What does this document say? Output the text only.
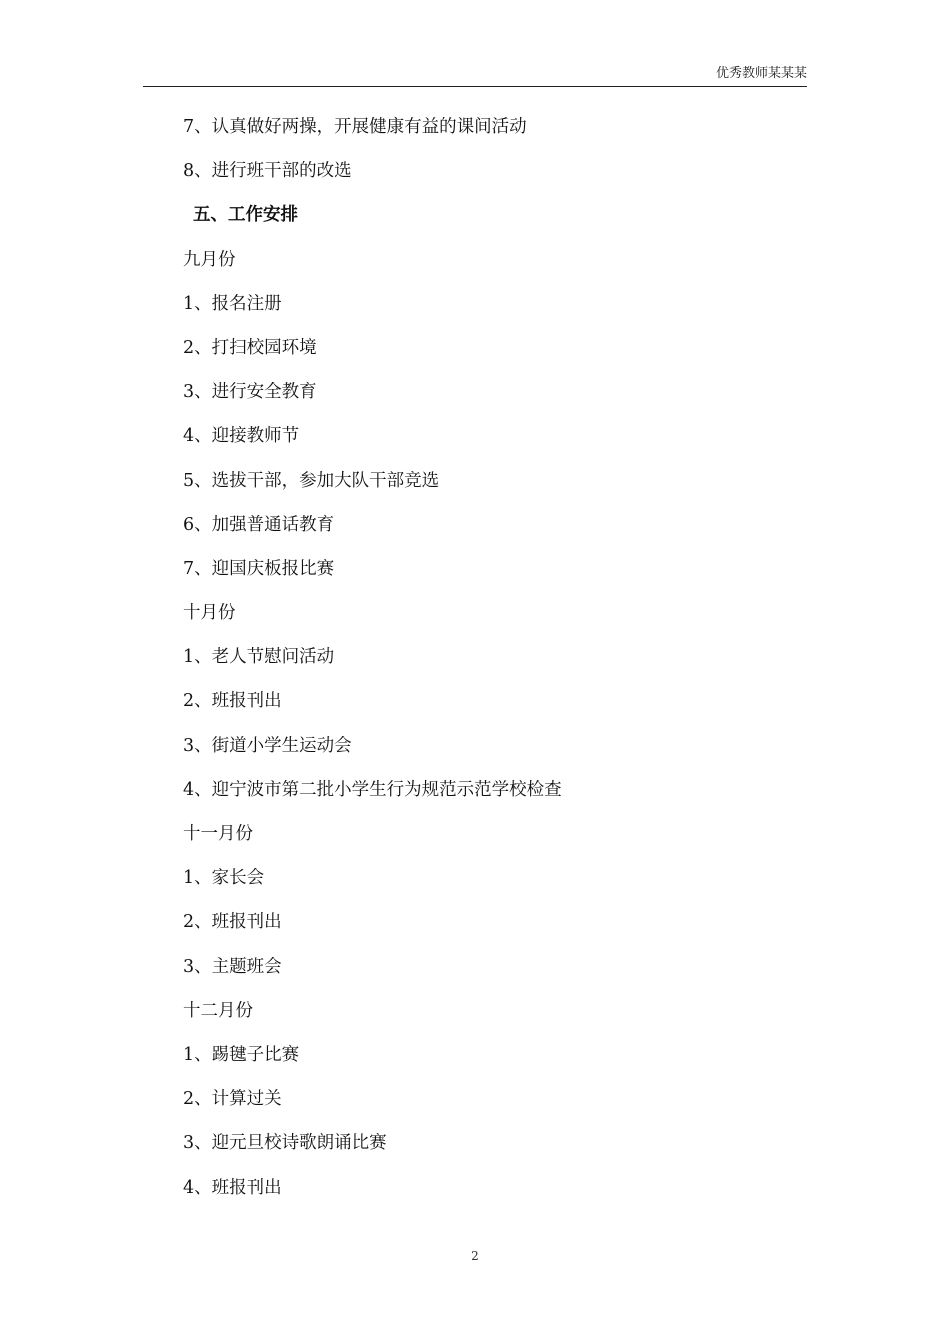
优秀教师某某某
7、认真做好两操，开展健康有益的课间活动
8、进行班干部的改选
五、工作安排
九月份
1、报名注册
2、打扫校园环境
3、进行安全教育
4、迎接教师节
5、选拔干部，参加大队干部竞选
6、加强普通话教育
7、迎国庆板报比赛
十月份
1、老人节慰问活动
2、班报刊出
3、街道小学生运动会
4、迎宁波市第二批小学生行为规范示范学校检查
十一月份
1、家长会
2、班报刊出
3、主题班会
十二月份
1、踢毽子比赛
2、计算过关
3、迎元旦校诗歌朗诵比赛
4、班报刊出
2
